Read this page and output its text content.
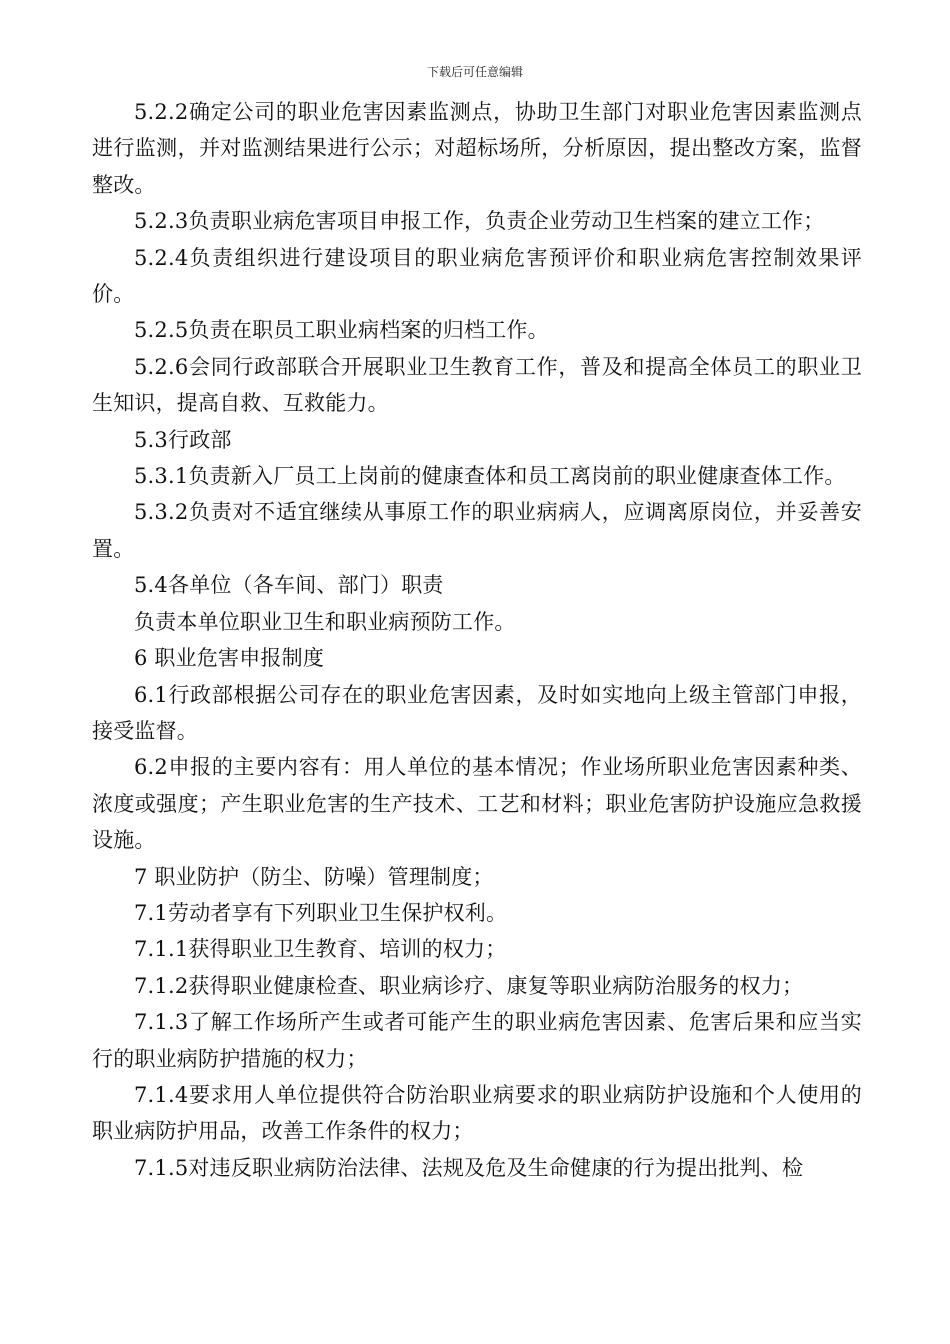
下载后可任意编辑

5.2.2确定公司的职业危害因素监测点，协助卫生部门对职业危害因素监测点进行监测，并对监测结果进行公示；对超标场所，分析原因，提出整改方案，监督整改。

5.2.3负责职业病危害项目申报工作，负责企业劳动卫生档案的建立工作；

5.2.4负责组织进行建设项目的职业病危害预评价和职业病危害控制效果评价。

5.2.5负责在职员工职业病档案的归档工作。

5.2.6会同行政部联合开展职业卫生教育工作，普及和提高全体员工的职业卫生知识，提高自救、互救能力。

5.3行政部

5.3.1负责新入厂员工上岗前的健康查体和员工离岗前的职业健康查体工作。

5.3.2负责对不适宜继续从事原工作的职业病病人，应调离原岗位，并妥善安置。

5.4各单位（各车间、部门）职责

负责本单位职业卫生和职业病预防工作。

6 职业危害申报制度

6.1行政部根据公司存在的职业危害因素，及时如实地向上级主管部门申报，接受监督。

6.2申报的主要内容有：用人单位的基本情况；作业场所职业危害因素种类、浓度或强度；产生职业危害的生产技术、工艺和材料；职业危害防护设施应急救援设施。

7 职业防护（防尘、防噪）管理制度；

7.1劳动者享有下列职业卫生保护权利。

7.1.1获得职业卫生教育、培训的权力；

7.1.2获得职业健康检查、职业病诊疗、康复等职业病防治服务的权力；

7.1.3了解工作场所产生或者可能产生的职业病危害因素、危害后果和应当实行的职业病防护措施的权力；

7.1.4要求用人单位提供符合防治职业病要求的职业病防护设施和个人使用的职业病防护用品，改善工作条件的权力；

7.1.5对违反职业病防治法律、法规及危及生命健康的行为提出批判、检
